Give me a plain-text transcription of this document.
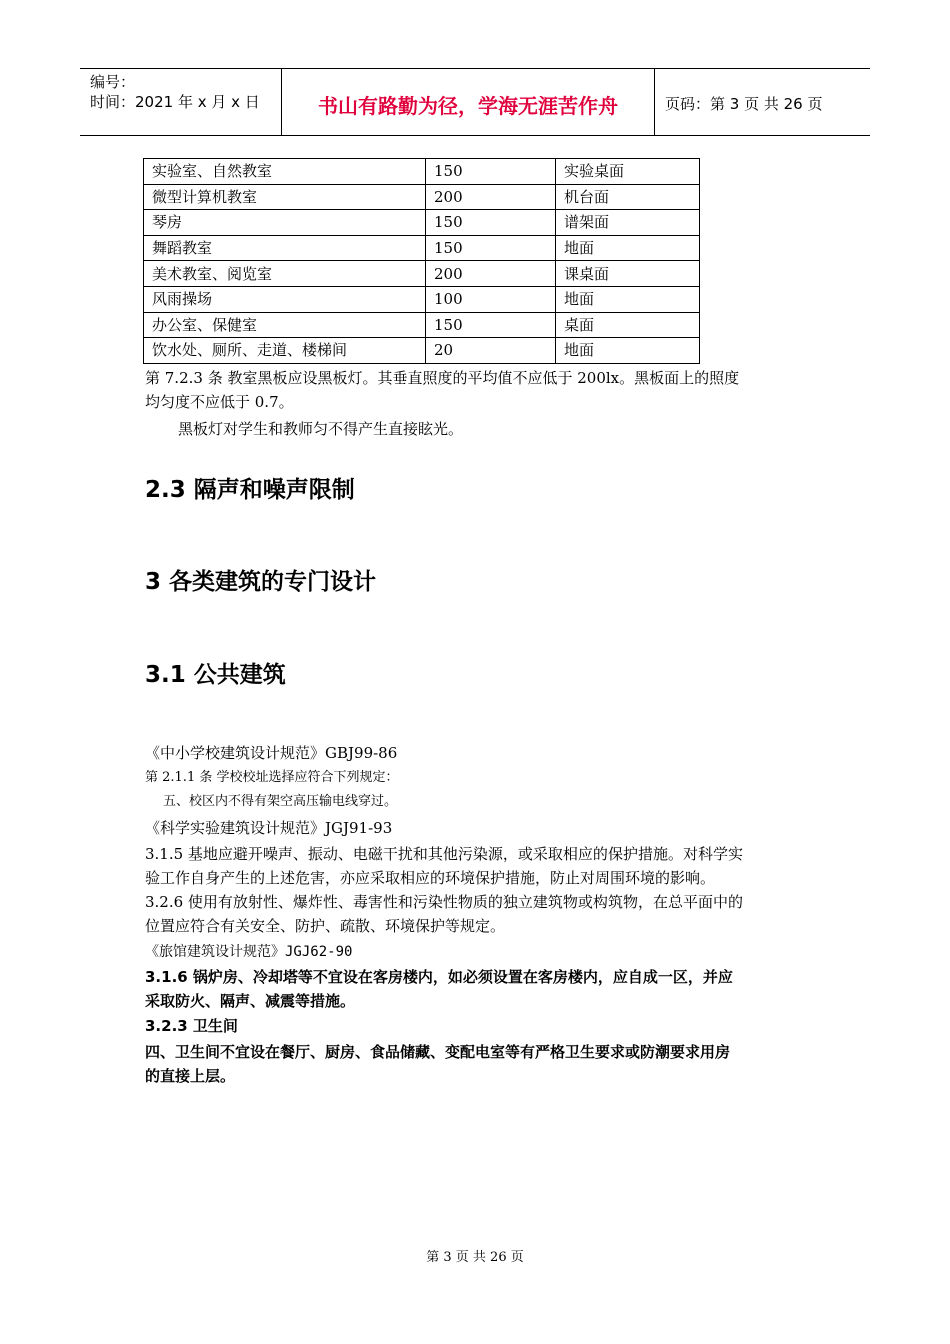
编号：
时间：2021 年 x 月 x 日	书山有路勤为径，学海无涯苦作舟	页码：第 3 页 共 26 页
实验室、自然教室	150	实验桌面
微型计算机教室	200	机台面
琴房	150	谱架面
舞蹈教室	150	地面
美术教室、阅览室	200	课桌面
风雨操场	100	地面
办公室、保健室	150	桌面
饮水处、厕所、走道、楼梯间	20	地面
第 7.2.3 条 教室黑板应设黑板灯。其垂直照度的平均值不应低于 200lx。黑板面上的照度
均匀度不应低于 0.7。
黑板灯对学生和教师匀不得产生直接眩光。
2.3 隔声和噪声限制
3 各类建筑的专门设计
3.1 公共建筑
《中小学校建筑设计规范》GBJ99-86
第 2.1.1 条 学校校址选择应符合下列规定：
五、校区内不得有架空高压输电线穿过。
《科学实验建筑设计规范》JGJ91-93
3.1.5 基地应避开噪声、振动、电磁干扰和其他污染源，或采取相应的保护措施。对科学实
验工作自身产生的上述危害，亦应采取相应的环境保护措施，防止对周围环境的影响。
3.2.6 使用有放射性、爆炸性、毒害性和污染性物质的独立建筑物或构筑物，在总平面中的
位置应符合有关安全、防护、疏散、环境保护等规定。
《旅馆建筑设计规范》JGJ62-90
3.1.6 锅炉房、冷却塔等不宜设在客房楼内，如必须设置在客房楼内，应自成一区，并应
采取防火、隔声、减震等措施。
3.2.3 卫生间
四、卫生间不宜设在餐厅、厨房、食品储藏、变配电室等有严格卫生要求或防潮要求用房
的直接上层。
第 3 页 共 26 页
